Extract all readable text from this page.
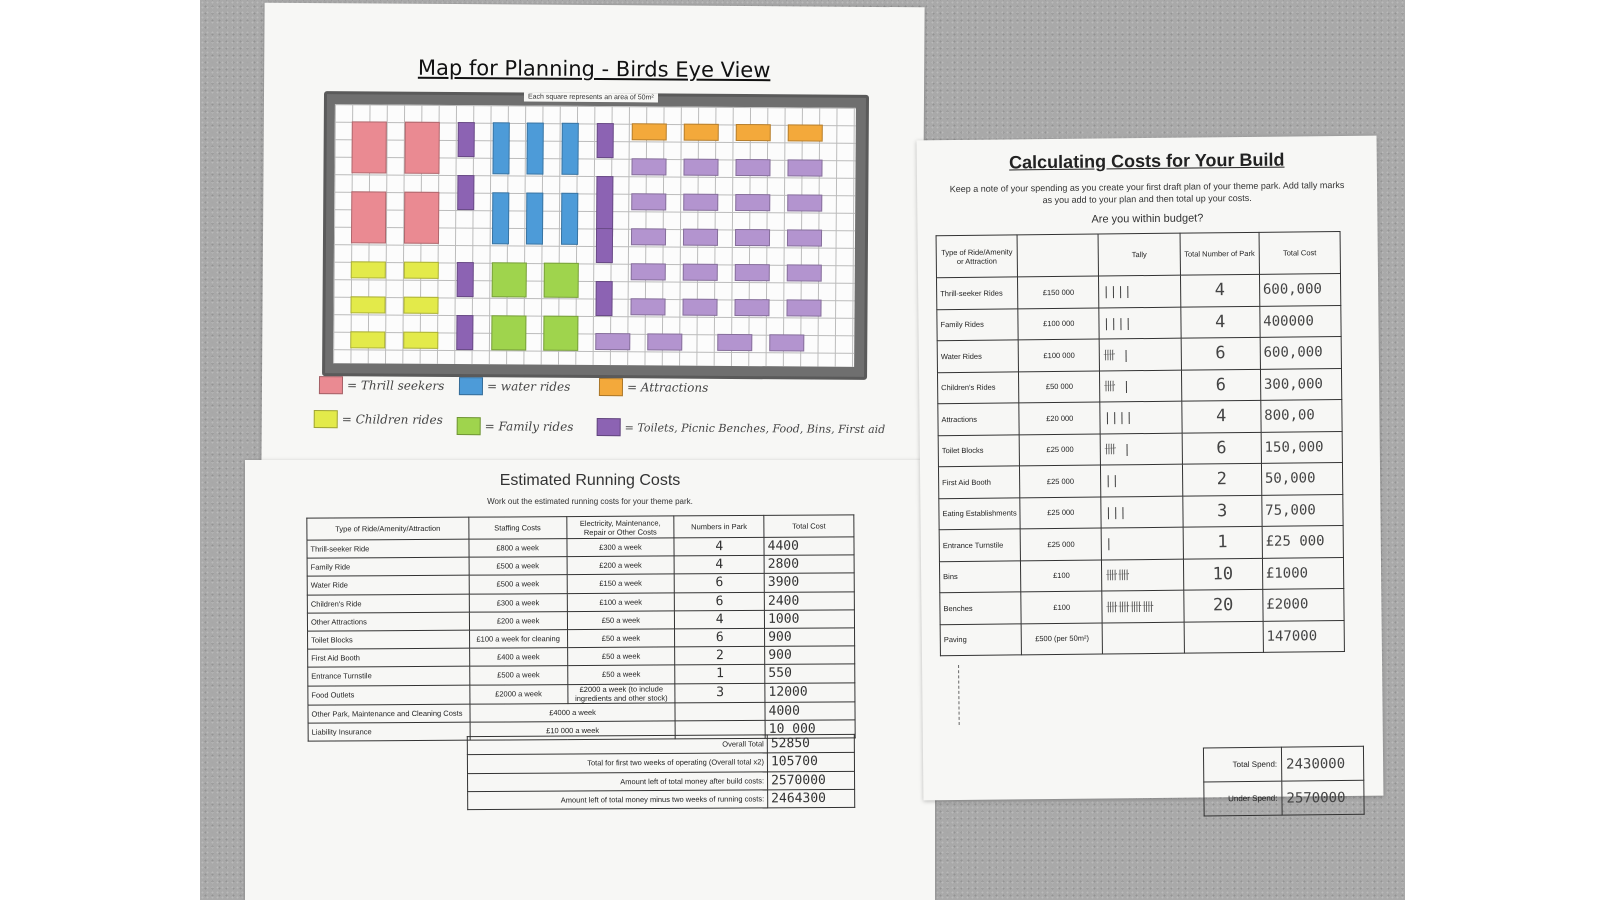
Map for Planning - Birds Eye View
Each square represents an area of 50m²
= Thrill seekers	= water rides	= Attractions
= Children rides	= Family rides	= Toilets, Picnic Benches, Food, Bins, First aid
Estimated Running Costs
Work out the estimated running costs for your theme park.
Type of Ride/Amenity/Attraction	Staffing Costs	Electricity, Maintenance, Repair or Other Costs	Numbers in Park	Total Cost
Thrill-seeker Ride	£800 a week	£300 a week	4	4400
Family Ride	£500 a week	£200 a week	4	2800
Water Ride	£500 a week	£150 a week	6	3900
Children's Ride	£300 a week	£100 a week	6	2400
Other Attractions	£200 a week	£50 a week	4	1000
Toilet Blocks	£100 a week for cleaning	£50 a week	6	900
First Aid Booth	£400 a week	£50 a week	2	900
Entrance Turnstile	£500 a week	£50 a week	1	550
Food Outlets	£2000 a week	£2000 a week (to include ingredients and other stock)	3	12000
Other Park, Maintenance and Cleaning Costs	£4000 a week			4000
Liability Insurance	£10 000 a week			10 000
Overall Total	52850
Total for first two weeks of operating (Overall total x2)	105700
Amount left of total money after build costs:	2570000
Amount left of total money minus two weeks of running costs:	2464300
Calculating Costs for Your Build
Keep a note of your spending as you create your first draft plan of your theme park. Add tally marks as you add to your plan and then total up your costs.
Are you within budget?
Type of Ride/Amenity or Attraction		Tally	Total Number of Park	Total Cost
Thrill-seeker Rides	£150 000	||||	4	600,000
Family Rides	£100 000	||||	4	400000
Water Rides	£100 000	卌 |	6	600,000
Children's Rides	£50 000	卌 |	6	300,000
Attractions	£20 000	||||	4	800,00
Toilet Blocks	£25 000	卌 |	6	150,000
First Aid Booth	£25 000	||	2	50,000
Eating Establishments	£25 000	|||	3	75,000
Entrance Turnstile	£25 000	|	1	£25 000
Bins	£100	卌卌	10	£1000
Benches	£100	卌卌卌卌	20	£2000
Paving	£500 (per 50m²)			147000
Total Spend:	2430000
Under Spend:	2570000
